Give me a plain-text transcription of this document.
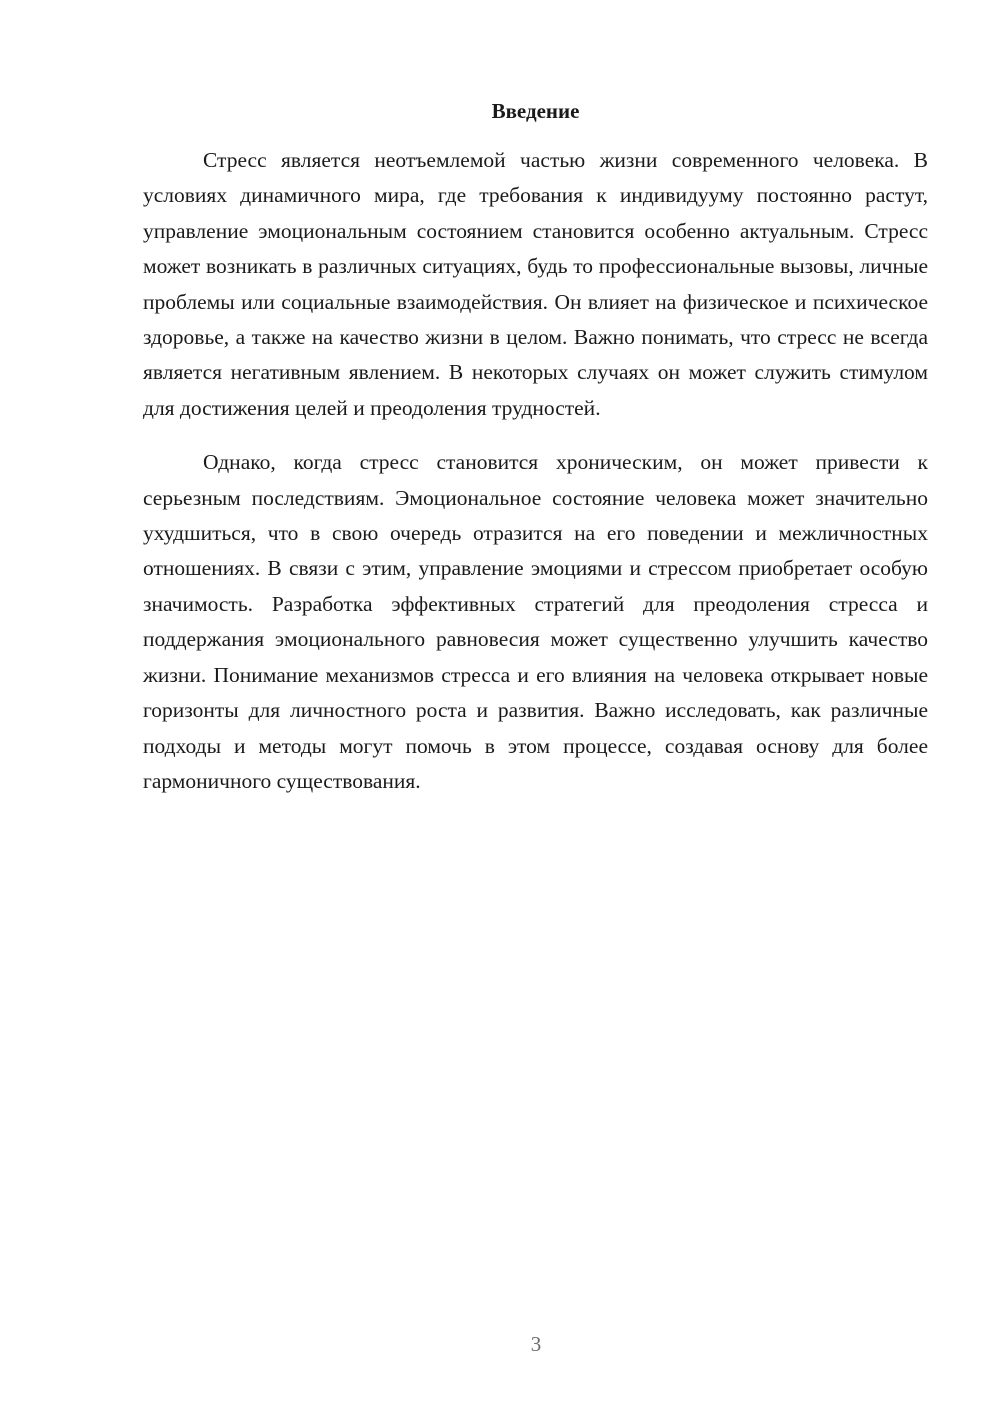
Введение

Стресс является неотъемлемой частью жизни современного человека. В условиях динамичного мира, где требования к индивидууму постоянно растут, управление эмоциональным состоянием становится особенно актуальным. Стресс может возникать в различных ситуациях, будь то профессиональные вызовы, личные проблемы или социальные взаимодействия. Он влияет на физическое и психическое здоровье, а также на качество жизни в целом. Важно понимать, что стресс не всегда является негативным явлением. В некоторых случаях он может служить стимулом для достижения целей и преодоления трудностей.

Однако, когда стресс становится хроническим, он может привести к серьезным последствиям. Эмоциональное состояние человека может значительно ухудшиться, что в свою очередь отразится на его поведении и межличностных отношениях. В связи с этим, управление эмоциями и стрессом приобретает особую значимость. Разработка эффективных стратегий для преодоления стресса и поддержания эмоционального равновесия может существенно улучшить качество жизни. Понимание механизмов стресса и его влияния на человека открывает новые горизонты для личностного роста и развития. Важно исследовать, как различные подходы и методы могут помочь в этом процессе, создавая основу для более гармоничного существования.

3
